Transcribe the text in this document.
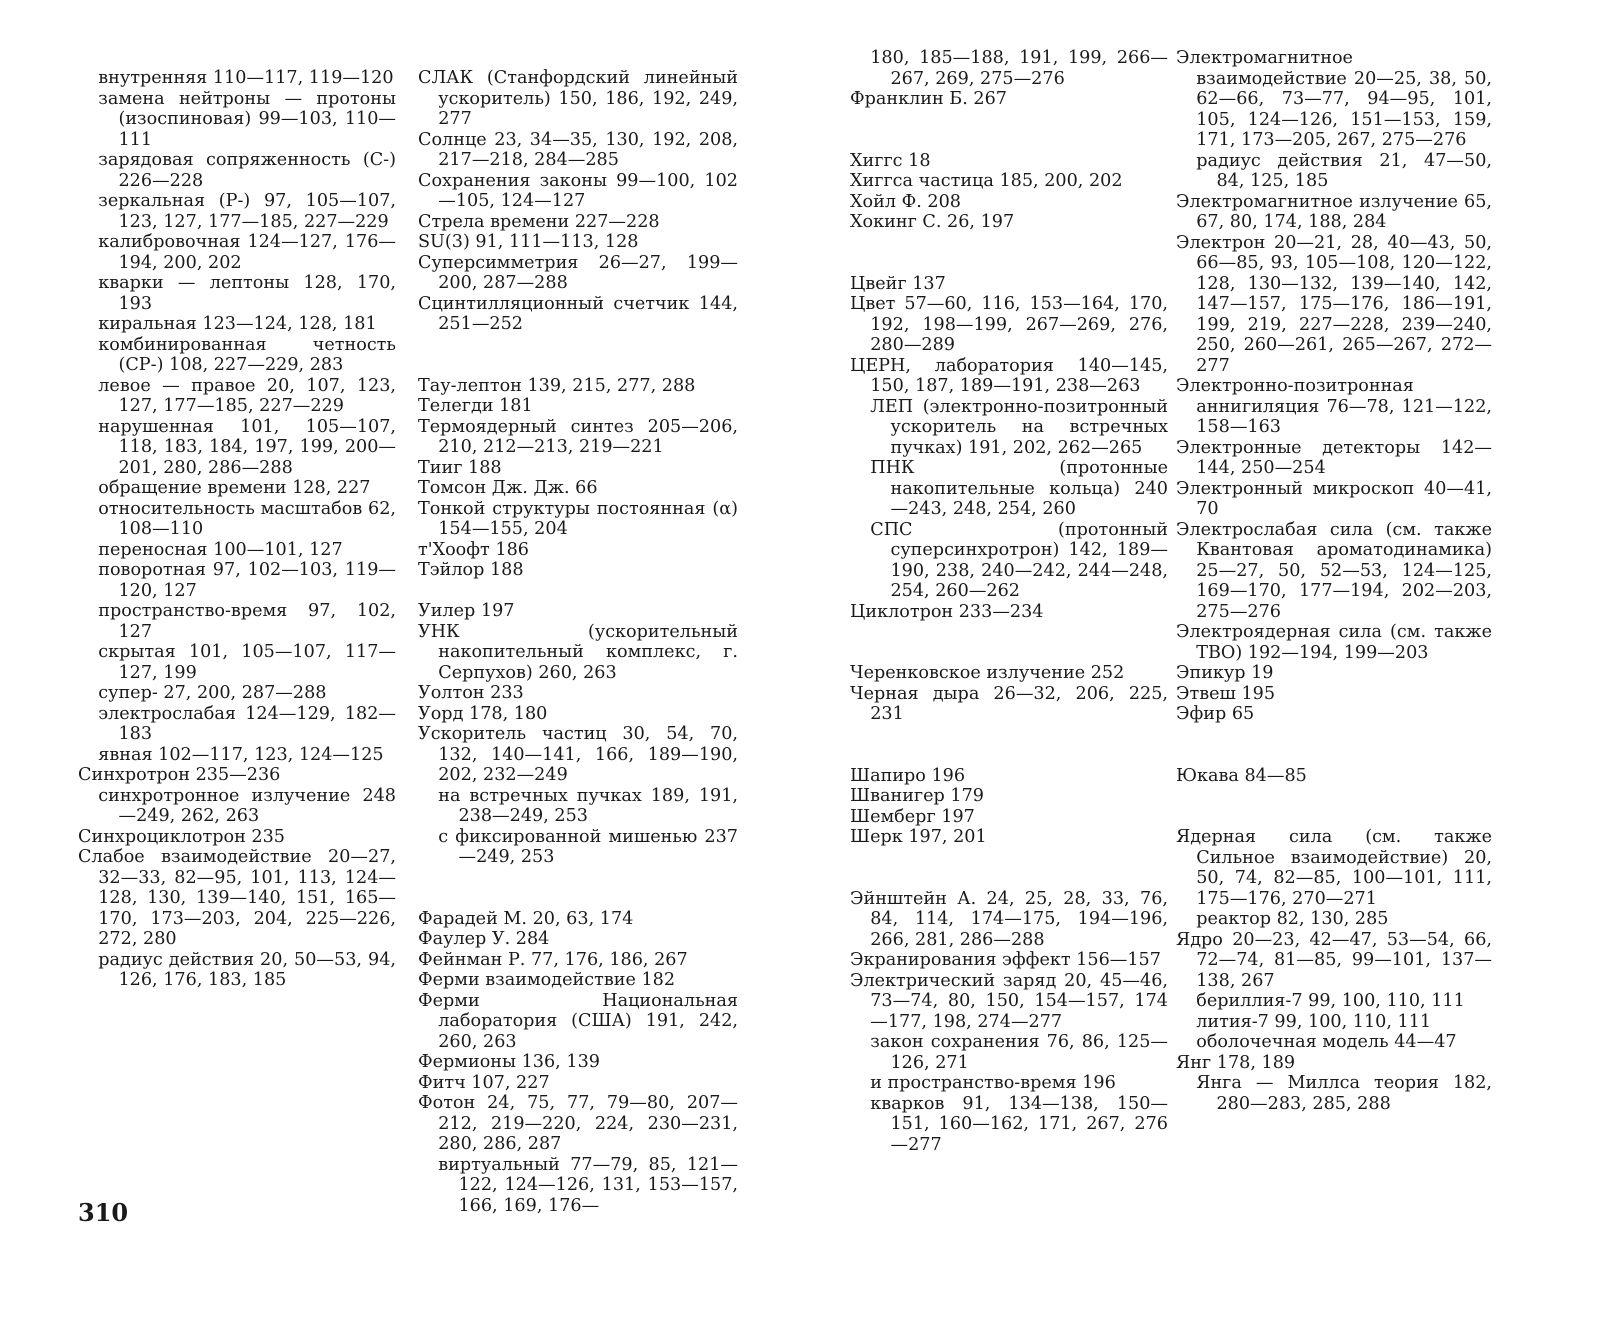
внутренняя 110—117, 119—120

замена нейтроны — протоны (изоспиновая) 99—103, 110—111

зарядовая сопряженность (С-) 226—228

зеркальная (Р-) 97, 105—107, 123, 127, 177—185, 227—229

калибровочная 124—127, 176—194, 200, 202

кварки — лептоны 128, 170, 193

киральная 123—124, 128, 181

комбинированная четность (СР-) 108, 227—229, 283

левое — правое 20, 107, 123, 127, 177—185, 227—229

нарушенная 101, 105—107, 118, 183, 184, 197, 199, 200—201, 280, 286—288

обращение времени 128, 227

относительность масштабов 62, 108—110

переносная 100—101, 127

поворотная 97, 102—103, 119—120, 127

пространство-время 97, 102, 127

скрытая 101, 105—107, 117—127, 199

супер- 27, 200, 287—288

электрослабая 124—129, 182—183

явная 102—117, 123, 124—125

Синхротрон 235—236

синхротронное излучение 248—249, 262, 263

Синхроциклотрон 235

Слабое взаимодействие 20—27, 32—33, 82—95, 101, 113, 124—128, 130, 139—140, 151, 165—170, 173—203, 204, 225—226, 272, 280

радиус действия 20, 50—53, 94, 126, 176, 183, 185

СЛАК (Станфордский линейный ускоритель) 150, 186, 192, 249, 277

Солнце 23, 34—35, 130, 192, 208, 217—218, 284—285

Сохранения законы 99—100, 102—105, 124—127

Стрела времени 227—228

SU(3) 91, 111—113, 128

Суперсимметрия 26—27, 199—200, 287—288

Сцинтилляционный счетчик 144, 251—252

Тау-лептон 139, 215, 277, 288

Телегди 181

Термоядерный синтез 205—206, 210, 212—213, 219—221

Тииг 188

Томсон Дж. Дж. 66

Тонкой структуры постоянная (α) 154—155, 204

т'Хоофт 186

Тэйлор 188

Уилер 197

УНК (ускорительный накопительный комплекс, г. Серпухов) 260, 263

Уолтон 233

Уорд 178, 180

Ускоритель частиц 30, 54, 70, 132, 140—141, 166, 189—190, 202, 232—249

на встречных пучках 189, 191, 238—249, 253

с фиксированной мишенью 237—249, 253

Фарадей М. 20, 63, 174

Фаулер У. 284

Фейнман Р. 77, 176, 186, 267

Ферми взаимодействие 182

Ферми Национальная лаборатория (США) 191, 242, 260, 263

Фермионы 136, 139

Фитч 107, 227

Фотон 24, 75, 77, 79—80, 207—212, 219—220, 224, 230—231, 280, 286, 287

виртуальный 77—79, 85, 121—122, 124—126, 131, 153—157, 166, 169, 176—

310

180, 185—188, 191, 199, 266—267, 269, 275—276

Франклин Б. 267

Хиггс 18

Хиггса частица 185, 200, 202

Хойл Ф. 208

Хокинг С. 26, 197

Цвейг 137

Цвет 57—60, 116, 153—164, 170, 192, 198—199, 267—269, 276, 280—289

ЦЕРН, лаборатория 140—145, 150, 187, 189—191, 238—263

ЛЕП (электронно-позитронный ускоритель на встречных пучках) 191, 202, 262—265

ПНК (протонные накопительные кольца) 240—243, 248, 254, 260

СПС (протонный суперсинхротрон) 142, 189—190, 238, 240—242, 244—248, 254, 260—262

Циклотрон 233—234

Черенковское излучение 252

Черная дыра 26—32, 206, 225, 231

Шапиро 196

Шванигер 179

Шемберг 197

Шерк 197, 201

Эйнштейн А. 24, 25, 28, 33, 76, 84, 114, 174—175, 194—196, 266, 281, 286—288

Экранирования эффект 156—157

Электрический заряд 20, 45—46, 73—74, 80, 150, 154—157, 174—177, 198, 274—277

закон сохранения 76, 86, 125—126, 271

и пространство-время 196

кварков 91, 134—138, 150—151, 160—162, 171, 267, 276—277

Электромагнитное взаимодействие 20—25, 38, 50, 62—66, 73—77, 94—95, 101, 105, 124—126, 151—153, 159, 171, 173—205, 267, 275—276

радиус действия 21, 47—50, 84, 125, 185

Электромагнитное излучение 65, 67, 80, 174, 188, 284

Электрон 20—21, 28, 40—43, 50, 66—85, 93, 105—108, 120—122, 128, 130—132, 139—140, 142, 147—157, 175—176, 186—191, 199, 219, 227—228, 239—240, 250, 260—261, 265—267, 272—277

Электронно-позитронная аннигиляция 76—78, 121—122, 158—163

Электронные детекторы 142—144, 250—254

Электронный микроскоп 40—41, 70

Электрослабая сила (см. также Квантовая ароматодинамика) 25—27, 50, 52—53, 124—125, 169—170, 177—194, 202—203, 275—276

Электроядерная сила (см. также ТВО) 192—194, 199—203

Эпикур 19

Этвеш 195

Эфир 65

Юкава 84—85

Ядерная сила (см. также Сильное взаимодействие) 20, 50, 74, 82—85, 100—101, 111, 175—176, 270—271

реактор 82, 130, 285

Ядро 20—23, 42—47, 53—54, 66, 72—74, 81—85, 99—101, 137—138, 267

бериллия-7 99, 100, 110, 111

лития-7 99, 100, 110, 111

оболочечная модель 44—47

Янг 178, 189

Янга — Миллса теория 182, 280—283, 285, 288
